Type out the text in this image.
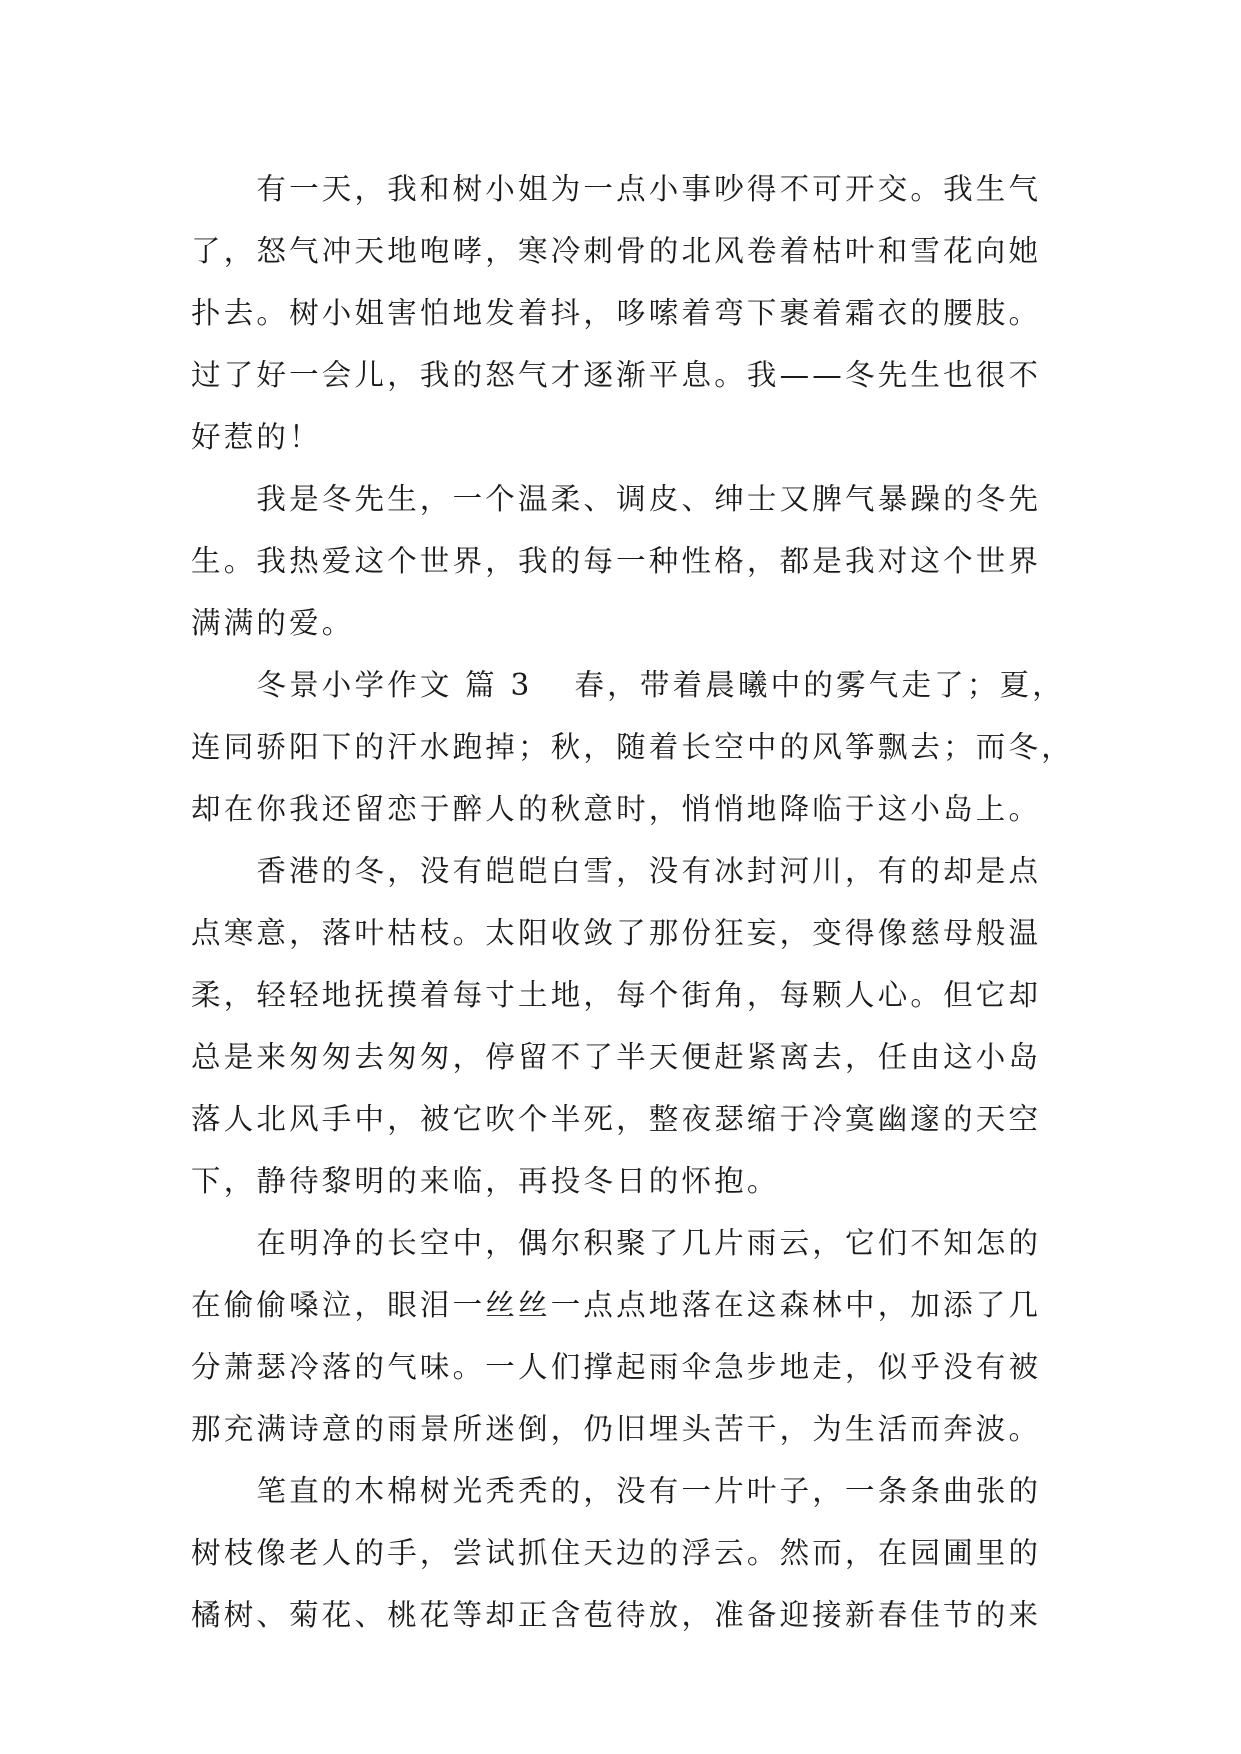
　　有一天，我和树小姐为一点小事吵得不可开交。我生气
了，怒气冲天地咆哮，寒冷刺骨的北风卷着枯叶和雪花向她
扑去。树小姐害怕地发着抖，哆嗦着弯下裹着霜衣的腰肢。
过了好一会儿，我的怒气才逐渐平息。我——冬先生也很不
好惹的！
　　我是冬先生，一个温柔、调皮、绅士又脾气暴躁的冬先
生。我热爱这个世界，我的每一种性格，都是我对这个世界
满满的爱。
　　冬景小学作文 篇 3 春，带着晨曦中的雾气走了；夏，
连同骄阳下的汗水跑掉；秋，随着长空中的风筝飘去；而冬，
却在你我还留恋于醉人的秋意时，悄悄地降临于这小岛上。
　　香港的冬，没有皑皑白雪，没有冰封河川，有的却是点
点寒意，落叶枯枝。太阳收敛了那份狂妄，变得像慈母般温
柔，轻轻地抚摸着每寸土地，每个街角，每颗人心。但它却
总是来匆匆去匆匆，停留不了半天便赶紧离去，任由这小岛
落人北风手中，被它吹个半死，整夜瑟缩于冷寞幽邃的天空
下，静待黎明的来临，再投冬日的怀抱。
　　在明净的长空中，偶尔积聚了几片雨云，它们不知怎的
在偷偷嗓泣，眼泪一丝丝一点点地落在这森林中，加添了几
分萧瑟冷落的气味。一人们撑起雨伞急步地走，似乎没有被
那充满诗意的雨景所迷倒，仍旧埋头苦干，为生活而奔波。
　　笔直的木棉树光秃秃的，没有一片叶子，一条条曲张的
树枝像老人的手，尝试抓住天边的浮云。然而，在园圃里的
橘树、菊花、桃花等却正含苞待放，准备迎接新春佳节的来
